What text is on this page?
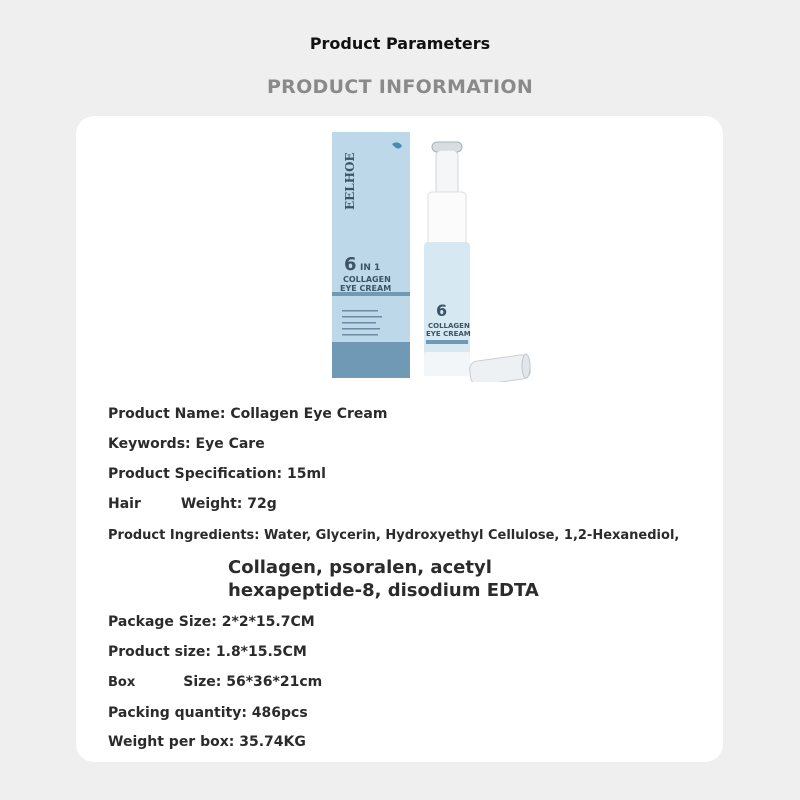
Product Parameters
PRODUCT INFORMATION
EELHOE
6 IN 1
COLLAGEN
EYE CREAM
6
COLLAGEN
EYE CREAM
Product Name: Collagen Eye Cream
Keywords: Eye Care
Product Specification: 15ml
Hair	Weight: 72g
Product Ingredients: Water, Glycerin, Hydroxyethyl Cellulose, 1,2-Hexanediol,
Collagen, psoralen, acetyl
hexapeptide-8, disodium EDTA
Package Size: 2*2*15.7CM
Product size: 1.8*15.5CM
Box	Size: 56*36*21cm
Packing quantity: 486pcs
Weight per box: 35.74KG
